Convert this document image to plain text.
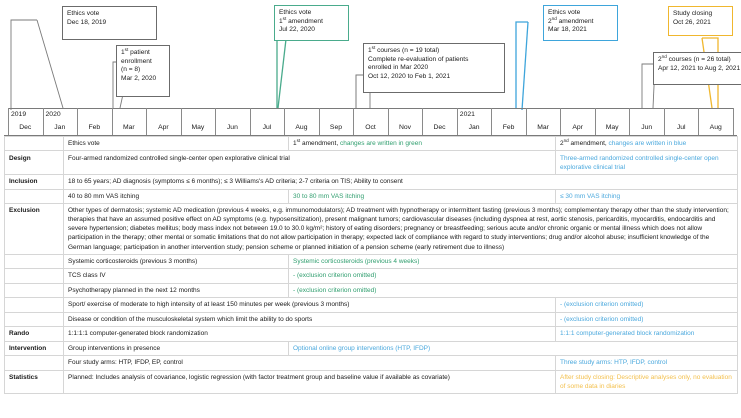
Ethics vote
Dec 18, 2019
1st patient
enrollment
(n = 8)
Mar 2, 2020
Ethics vote
1st amendment
Jul 22, 2020
1st courses (n = 19 total)
Complete re-evaluation of patients
enrolled in Mar 2020
Oct 12, 2020 to Feb 1, 2021
Ethics vote
2nd amendment
Mar 18, 2021
2nd courses (n = 26 total)
Apr 12, 2021 to Aug 2, 2021
Study closing
Oct 26, 2021
2019	2020	2021
Dec	Jan	Feb	Mar	Apr	May	Jun	Jul	Aug	Sep	Oct	Nov	Dec	Jan	Feb	Mar	Apr	May	Jun	Jul	Aug
	Ethics vote	1st amendment, changes are written in green	2nd amendment, changes are written in blue
Design	Four-armed randomized controlled single-center open explorative clinical trial		Three-armed randomized controlled single-center open explorative clinical trial
Inclusion	18 to 65 years; AD diagnosis (symptoms ≤ 6 months); ≤ 3 Williams's AD criteria; 2-7 criteria on TIS; Ability to consent		
	40 to 80 mm VAS itching	30 to 80 mm VAS itching	≤ 30 mm VAS itching
Exclusion	Other types of dermatosis; systemic AD medication (previous 4 weeks, e.g. immunomodulators); AD treatment with hypnotherapy or intermittent fasting (previous 3 months); complementary therapy other than the study intervention; therapies that have an assumed positive effect on AD symptoms (e.g. hyposensitization), present malignant tumors; cardiovascular diseases (including dyspnea at rest, aortic stenosis, pericarditis, myocarditis, endocarditis and severe hypertension; diabetes mellitus; body mass index not between 19.0 to 30.0 kg/m²; history of eating disorders; pregnancy or breastfeeding; serious acute and/or chronic organic or mental illness which does not allow participation in the therapy; other mental or somatic limitations that do not allow participation in therapy; expected lack of compliance with regard to study interventions; drug and/or alcohol abuse; insufficient knowledge of the German language; participation in another intervention study; pension scheme or planned initiation of a pension scheme (early retirement due to illness)		
	Systemic corticosteroids (previous 3 months)	Systemic corticosteroids (previous 4 weeks)	
	TCS class IV	- (exclusion criterion omitted)	
	Psychotherapy planned in the next 12 months	- (exclusion criterion omitted)	
	Sport/ exercise of moderate to high intensity of at least 150 minutes per week (previous 3 months)		- (exclusion criterion omitted)
	Disease or condition of the musculoskeletal system which limit the ability to do sports		- (exclusion criterion omitted)
Rando	1:1:1:1 computer-generated block randomization		1:1:1 computer-generated block randomization
Intervention	Group interventions in presence	Optional online group interventions (HTP, IFDP)	
	Four study arms: HTP, IFDP, EP, control		Three study arms: HTP, IFDP, control
Statistics	Planned: Includes analysis of covariance, logistic regression (with factor treatment group and baseline value if available as covariate)		After study closing: Descriptive analyses only, no evaluation of some data in diaries
